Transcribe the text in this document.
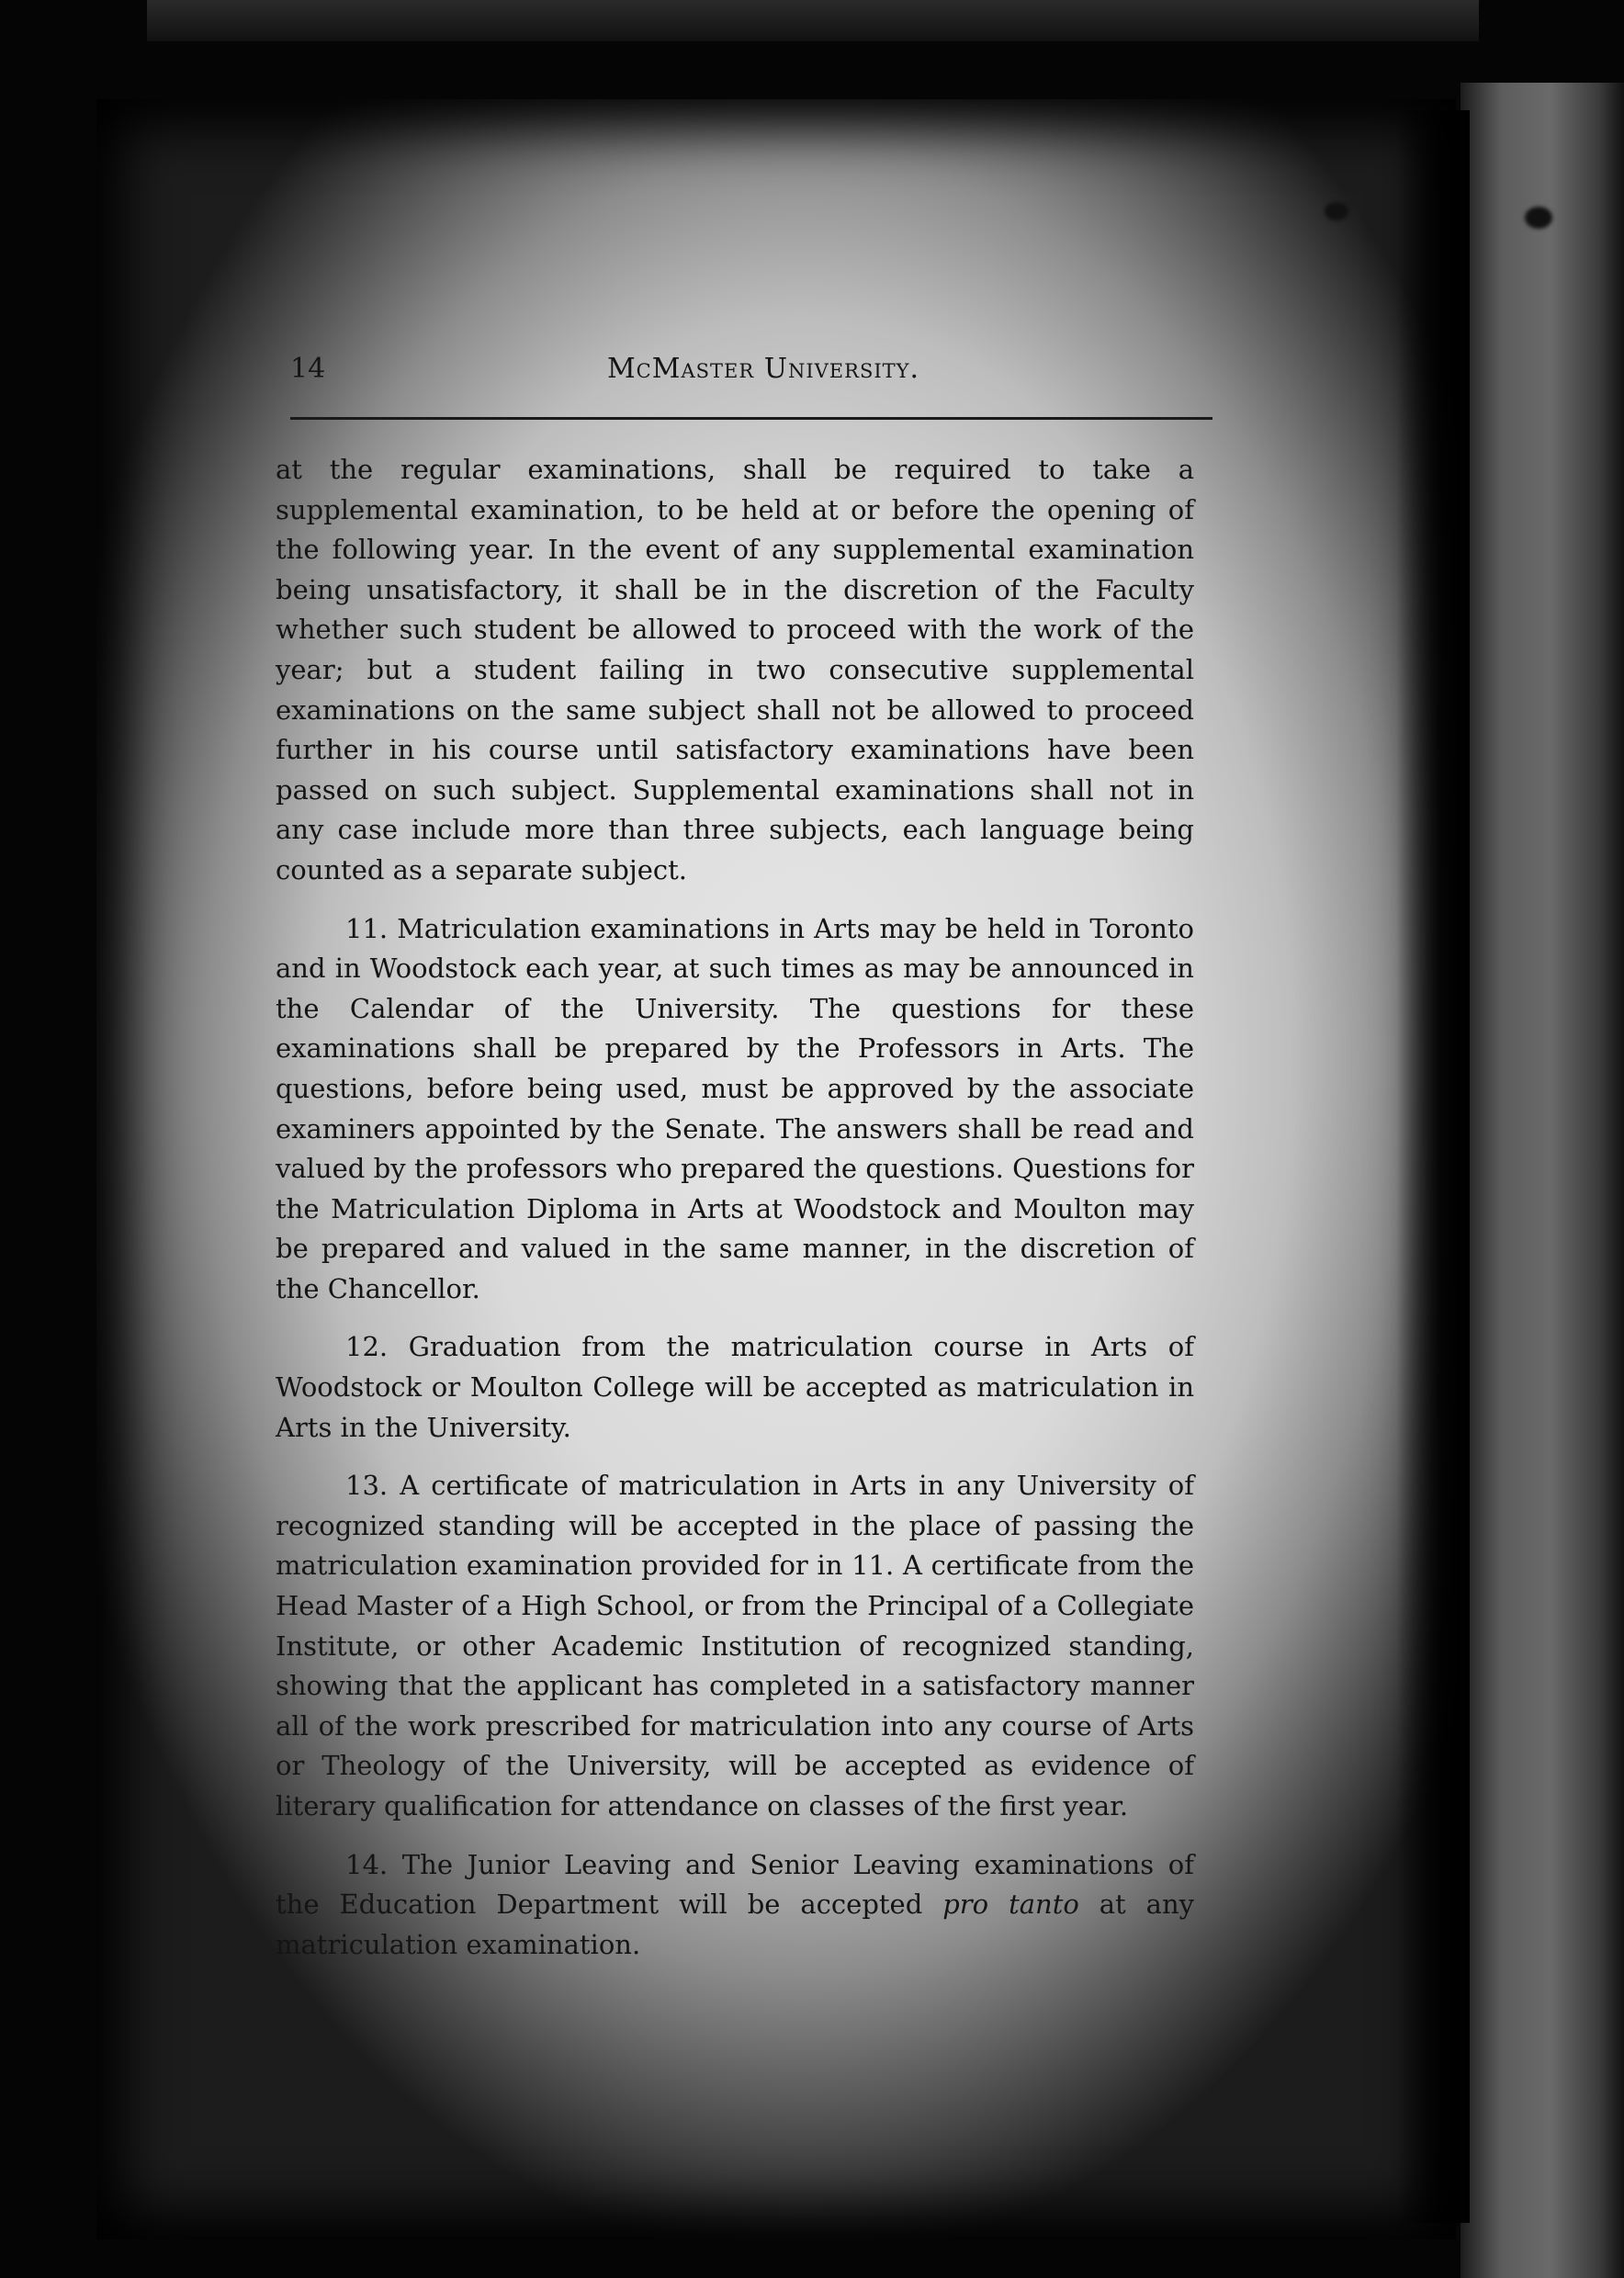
14	McMaster University.

at the regular examinations, shall be required to take a supplemental examination, to be held at or before the opening of the following year. In the event of any supplemental examination being unsatisfactory, it shall be in the discretion of the Faculty whether such student be allowed to proceed with the work of the year; but a student failing in two consecutive supplemental examinations on the same subject shall not be allowed to proceed further in his course until satisfactory examinations have been passed on such subject. Supplemental examinations shall not in any case include more than three subjects, each language being counted as a separate subject.

11. Matriculation examinations in Arts may be held in Toronto and in Woodstock each year, at such times as may be announced in the Calendar of the University. The questions for these examinations shall be prepared by the Professors in Arts. The questions, before being used, must be approved by the associate examiners appointed by the Senate. The answers shall be read and valued by the professors who prepared the questions. Questions for the Matriculation Diploma in Arts at Woodstock and Moulton may be prepared and valued in the same manner, in the discretion of the Chancellor.

12. Graduation from the matriculation course in Arts of Woodstock or Moulton College will be accepted as matriculation in Arts in the University.

13. A certificate of matriculation in Arts in any University of recognized standing will be accepted in the place of passing the matriculation examination provided for in 11. A certificate from the Head Master of a High School, or from the Principal of a Collegiate Institute, or other Academic Institution of recognized standing, showing that the applicant has completed in a satisfactory manner all of the work prescribed for matriculation into any course of Arts or Theology of the University, will be accepted as evidence of literary qualification for attendance on classes of the first year.

14. The Junior Leaving and Senior Leaving examinations of the Education Department will be accepted pro tanto at any matriculation examination.
